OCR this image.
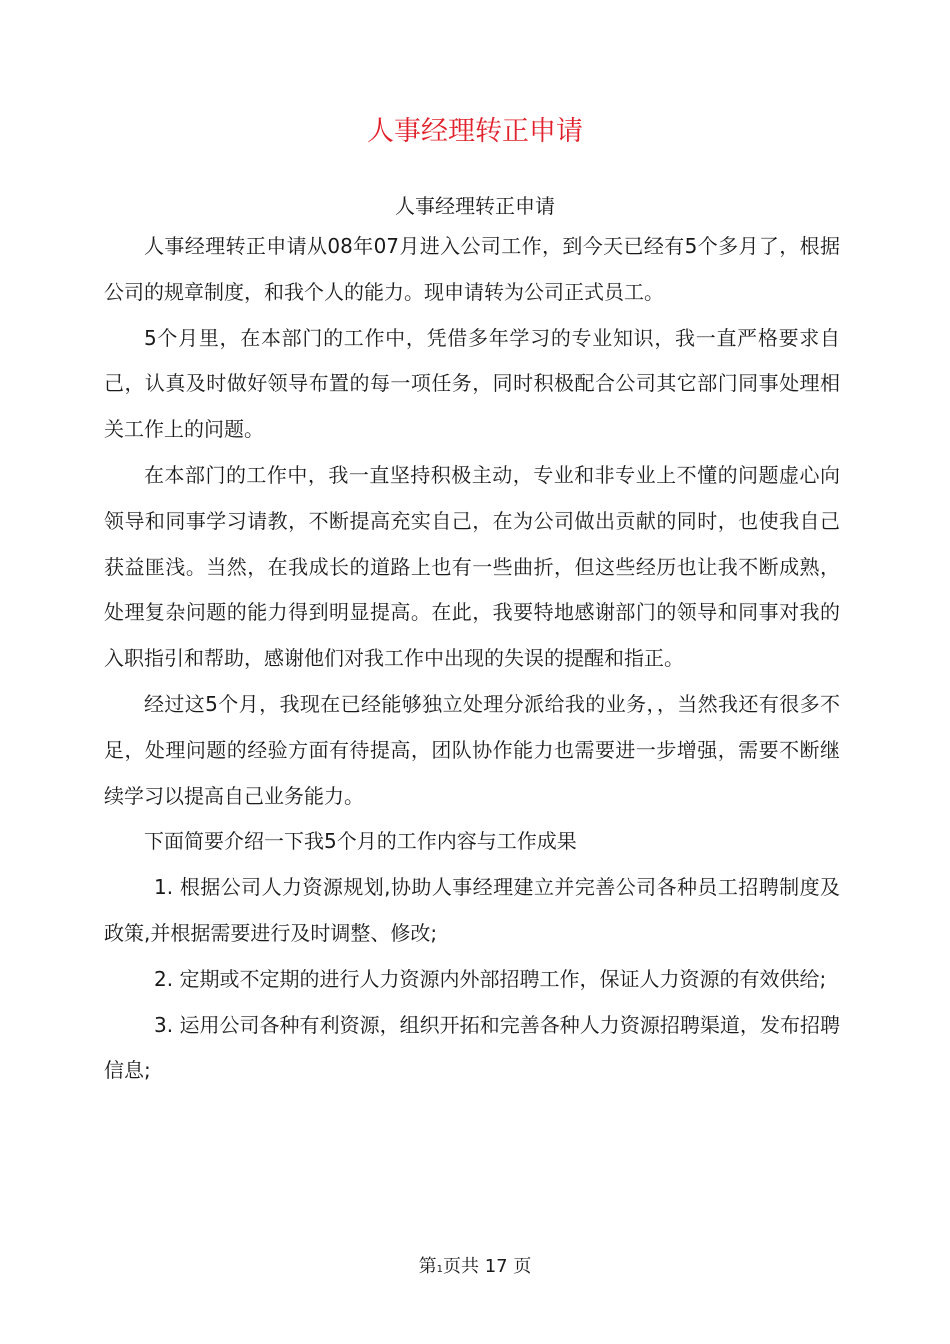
人事经理转正申请
人事经理转正申请

人事经理转正申请从08年07月进入公司工作，到今天已经有5个多月了，根据公司的规章制度，和我个人的能力。现申请转为公司正式员工。

5个月里，在本部门的工作中，凭借多年学习的专业知识，我一直严格要求自己，认真及时做好领导布置的每一项任务，同时积极配合公司其它部门同事处理相关工作上的问题。

在本部门的工作中，我一直坚持积极主动，专业和非专业上不懂的问题虚心向领导和同事学习请教，不断提高充实自己，在为公司做出贡献的同时，也使我自己获益匪浅。当然，在我成长的道路上也有一些曲折，但这些经历也让我不断成熟，处理复杂问题的能力得到明显提高。在此，我要特地感谢部门的领导和同事对我的入职指引和帮助，感谢他们对我工作中出现的失误的提醒和指正。

经过这5个月，我现在已经能够独立处理分派给我的业务，，当然我还有很多不足，处理问题的经验方面有待提高，团队协作能力也需要进一步增强，需要不断继续学习以提高自己业务能力。

下面简要介绍一下我5个月的工作内容与工作成果

1. 根据公司人力资源规划,协助人事经理建立并完善公司各种员工招聘制度及政策,并根据需要进行及时调整、修改;

2. 定期或不定期的进行人力资源内外部招聘工作，保证人力资源的有效供给;

3. 运用公司各种有利资源，组织开拓和完善各种人力资源招聘渠道，发布招聘信息;

第1页共 17 页
